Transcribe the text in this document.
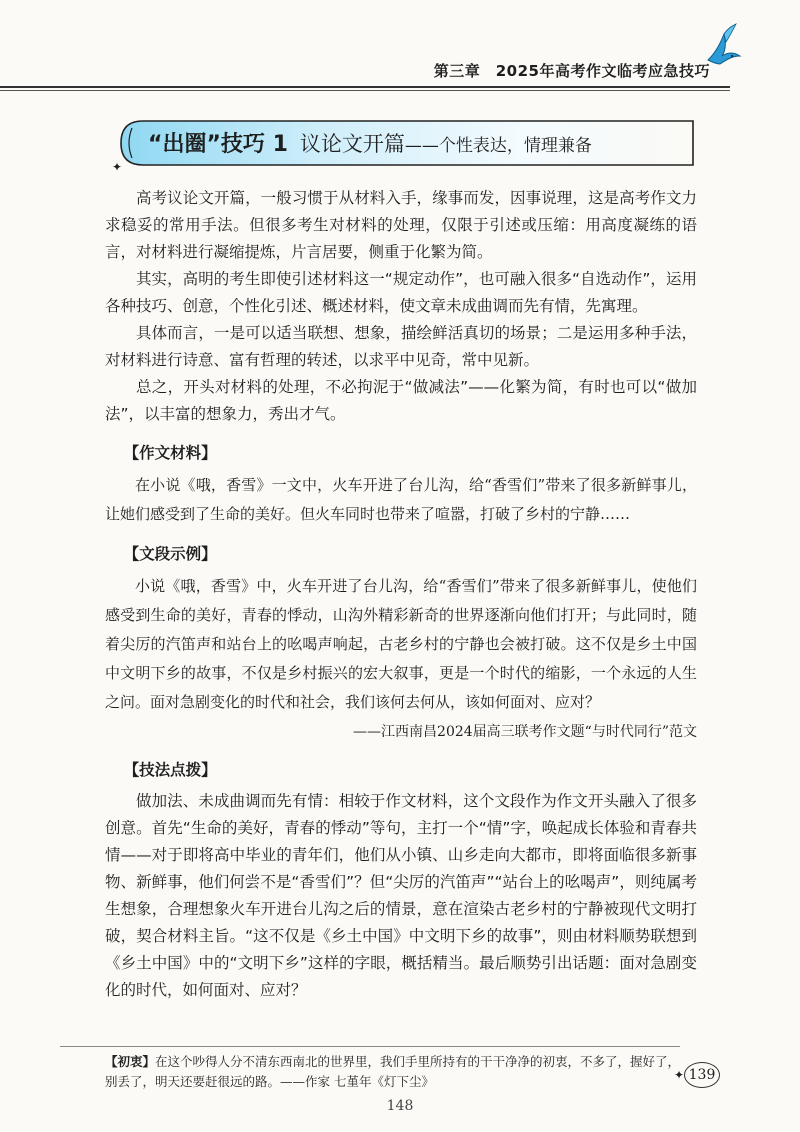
第三章　2025年高考作文临考应急技巧
“出圈”技巧 1 议论文开篇——个性表达，情理兼备
✦

高考议论文开篇，一般习惯于从材料入手，缘事而发，因事说理，这是高考作文力求稳妥的常用手法。但很多考生对材料的处理，仅限于引述或压缩：用高度凝练的语言，对材料进行凝缩提炼，片言居要，侧重于化繁为简。

其实，高明的考生即使引述材料这一“规定动作”，也可融入很多“自选动作”，运用各种技巧、创意，个性化引述、概述材料，使文章未成曲调而先有情，先寓理。

具体而言，一是可以适当联想、想象，描绘鲜活真切的场景；二是运用多种手法，对材料进行诗意、富有哲理的转述，以求平中见奇，常中见新。

总之，开头对材料的处理，不必拘泥于“做减法”——化繁为简，有时也可以“做加法”，以丰富的想象力，秀出才气。

【作文材料】

在小说《哦，香雪》一文中，火车开进了台儿沟，给“香雪们”带来了很多新鲜事儿，让她们感受到了生命的美好。但火车同时也带来了喧嚣，打破了乡村的宁静……

【文段示例】

小说《哦，香雪》中，火车开进了台儿沟，给“香雪们”带来了很多新鲜事儿，使他们感受到生命的美好，青春的悸动，山沟外精彩新奇的世界逐渐向他们打开；与此同时，随着尖厉的汽笛声和站台上的吆喝声响起，古老乡村的宁静也会被打破。这不仅是乡土中国中文明下乡的故事，不仅是乡村振兴的宏大叙事，更是一个时代的缩影，一个永远的人生之问。面对急剧变化的时代和社会，我们该何去何从，该如何面对、应对？

——江西南昌2024届高三联考作文题“与时代同行”范文
【技法点拨】

做加法、未成曲调而先有情：相较于作文材料，这个文段作为作文开头融入了很多创意。首先“生命的美好，青春的悸动”等句，主打一个“情”字，唤起成长体验和青春共情——对于即将高中毕业的青年们，他们从小镇、山乡走向大都市，即将面临很多新事物、新鲜事，他们何尝不是“香雪们”？但“尖厉的汽笛声”“站台上的吆喝声”，则纯属考生想象，合理想象火车开进台儿沟之后的情景，意在渲染古老乡村的宁静被现代文明打破，契合材料主旨。“这不仅是《乡土中国》中文明下乡的故事”，则由材料顺势联想到《乡土中国》中的“文明下乡”这样的字眼，概括精当。最后顺势引出话题：面对急剧变化的时代，如何面对、应对？

【初衷】在这个吵得人分不清东西南北的世界里，我们手里所持有的干干净净的初衷，不多了，握好了，别丢了，明天还要赶很远的路。——作家 七堇年《灯下尘》	✦ 139
148
